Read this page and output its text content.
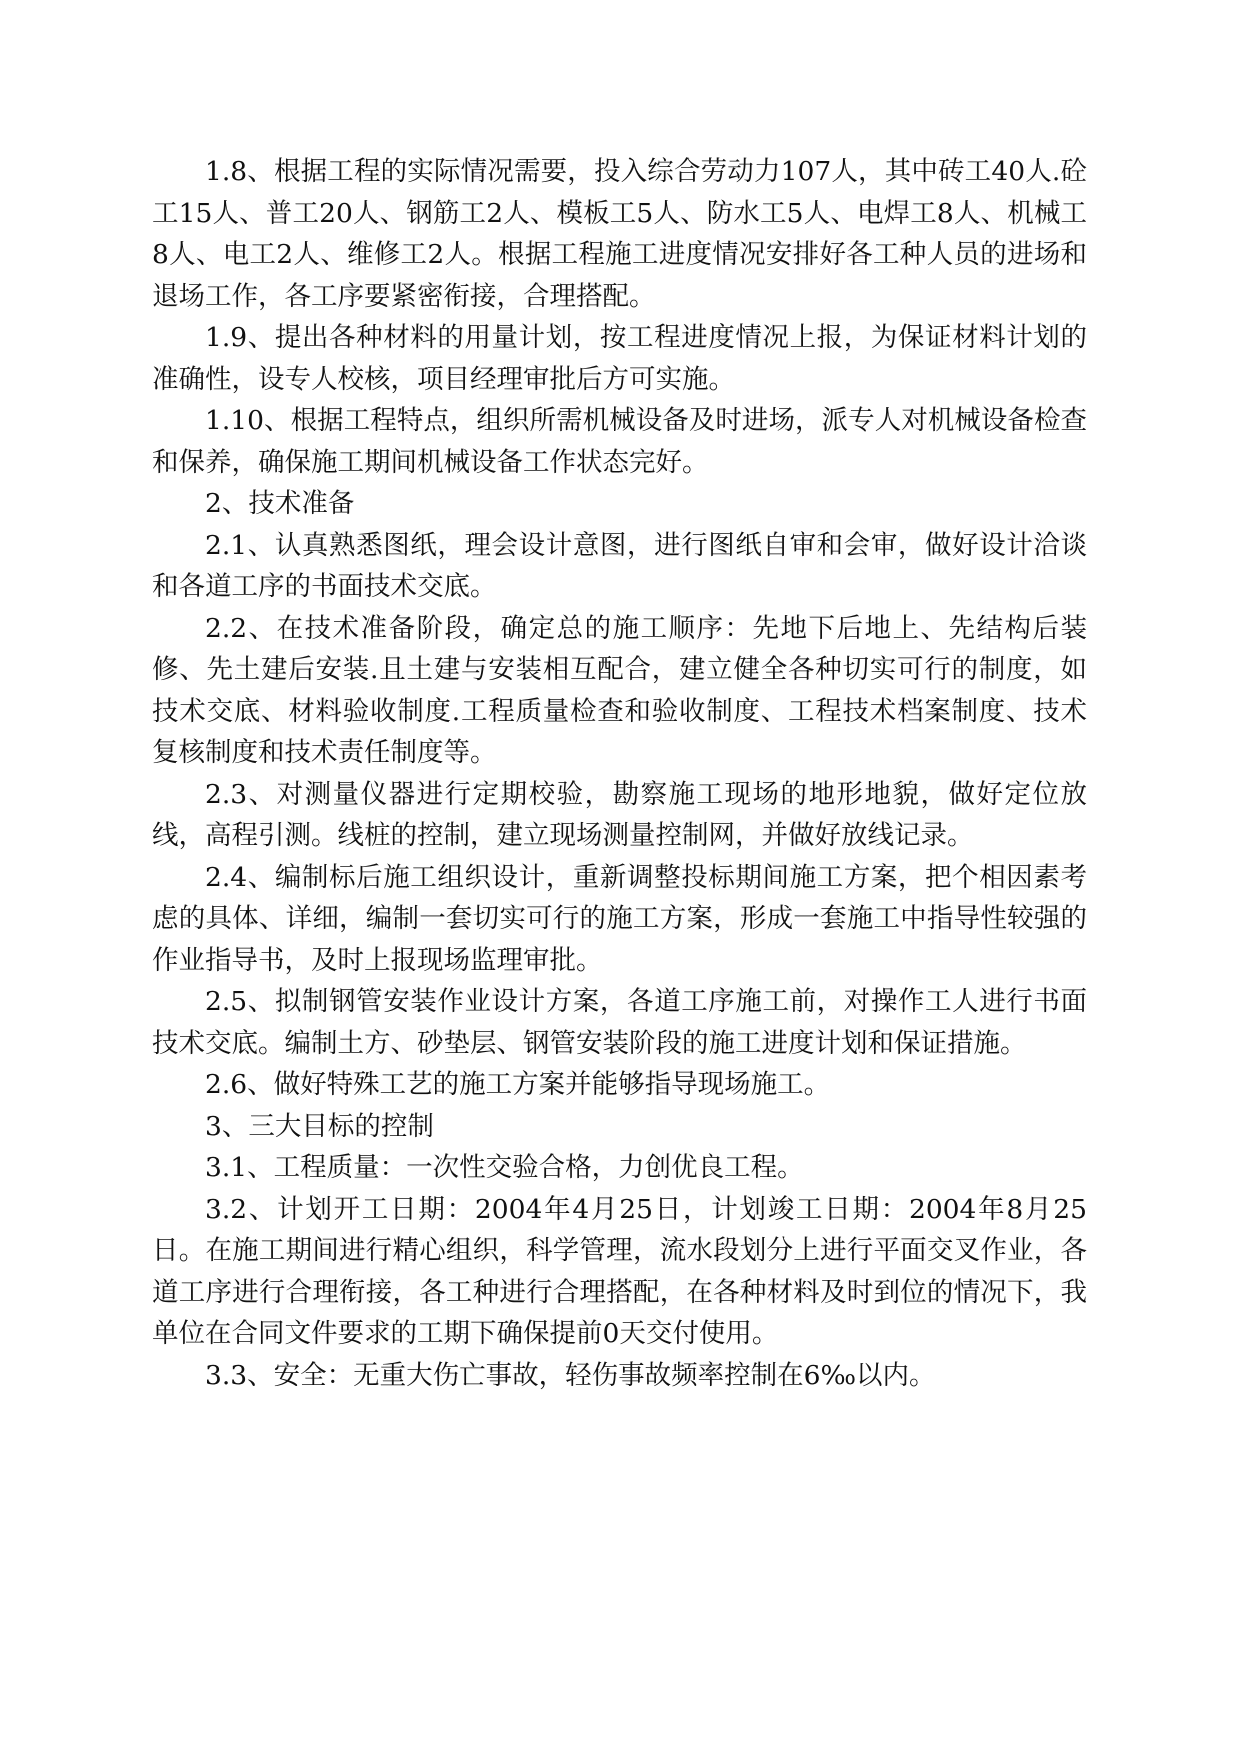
1.8、根据工程的实际情况需要，投入综合劳动力107人，其中砖工40人.砼工15人、普工20人、钢筋工2人、模板工5人、防水工5人、电焊工8人、机械工8人、电工2人、维修工2人。根据工程施工进度情况安排好各工种人员的进场和退场工作，各工序要紧密衔接，合理搭配。

1.9、提出各种材料的用量计划，按工程进度情况上报，为保证材料计划的准确性，设专人校核，项目经理审批后方可实施。

1.10、根据工程特点，组织所需机械设备及时进场，派专人对机械设备检查和保养，确保施工期间机械设备工作状态完好。

2、技术准备

2.1、认真熟悉图纸，理会设计意图，进行图纸自审和会审，做好设计洽谈和各道工序的书面技术交底。

2.2、在技术准备阶段，确定总的施工顺序：先地下后地上、先结构后装修、先土建后安装.且土建与安装相互配合，建立健全各种切实可行的制度，如技术交底、材料验收制度.工程质量检查和验收制度、工程技术档案制度、技术复核制度和技术责任制度等。

2.3、对测量仪器进行定期校验，勘察施工现场的地形地貌，做好定位放线，高程引测。线桩的控制，建立现场测量控制网，并做好放线记录。

2.4、编制标后施工组织设计，重新调整投标期间施工方案，把个相因素考虑的具体、详细，编制一套切实可行的施工方案，形成一套施工中指导性较强的作业指导书，及时上报现场监理审批。

2.5、拟制钢管安装作业设计方案，各道工序施工前，对操作工人进行书面技术交底。编制土方、砂垫层、钢管安装阶段的施工进度计划和保证措施。

2.6、做好特殊工艺的施工方案并能够指导现场施工。

3、三大目标的控制

3.1、工程质量：一次性交验合格，力创优良工程。

3.2、计划开工日期：2004年4月25日，计划竣工日期：2004年8月25日。在施工期间进行精心组织，科学管理，流水段划分上进行平面交叉作业，各道工序进行合理衔接，各工种进行合理搭配，在各种材料及时到位的情况下，我单位在合同文件要求的工期下确保提前0天交付使用。

3.3、安全：无重大伤亡事故，轻伤事故频率控制在6‰以内。
